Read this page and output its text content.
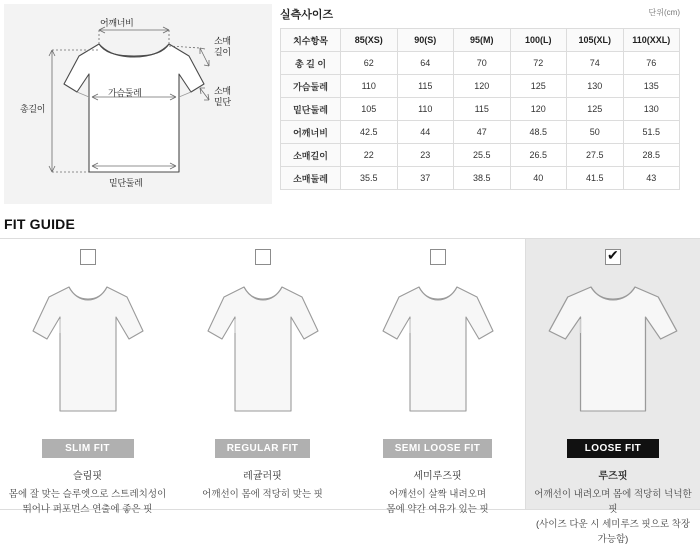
어깨너비
소매
길이
소매
밑단
총길이
가슴둘레
밑단둘레
실측사이즈	단위(cm)
치수항목	85(XS)	90(S)	95(M)	100(L)	105(XL)	110(XXL)
총 길 이	62	64	70	72	74	76
가슴둘레	110	115	120	125	130	135
밑단둘레	105	110	115	120	125	130
어깨너비	42.5	44	47	48.5	50	51.5
소매길이	22	23	25.5	26.5	27.5	28.5
소매둘레	35.5	37	38.5	40	41.5	43
FIT GUIDE
SLIM FIT
슬림핏
몸에 잘 맞는 슬루엣으로 스트레치성이
뛰어나 퍼포먼스 연출에 좋은 핏
REGULAR FIT
레귤러핏
어깨선이 몸에 적당히 맞는 핏
SEMI LOOSE FIT
세미루즈핏
어깨선이 살짝 내려오며
몸에 약간 여유가 있는 핏
✔
LOOSE FIT
루즈핏
어깨선이 내려오며 몸에 적당히 넉넉한 핏
(사이즈 다운 시 세미루즈 핏으로 착장 가능함)
